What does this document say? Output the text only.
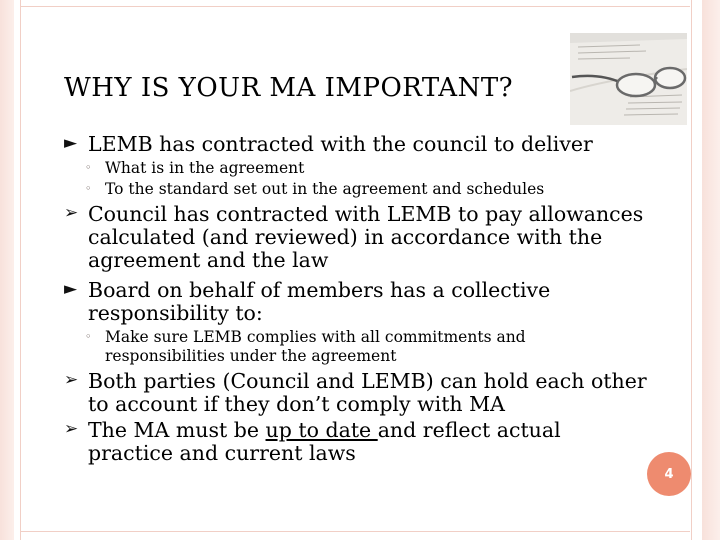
WHY IS YOUR MA IMPORTANT?
► LEMB has contracted with the council to deliver
◦ What is in the agreement
◦ To the standard set out in the agreement and schedules
➢ Council has contracted with LEMB to pay allowances calculated (and reviewed) in accordance with the agreement and the law
► Board on behalf of members has a collective responsibility to:
◦ Make sure LEMB complies with all commitments and responsibilities under the agreement
➢ Both parties (Council and LEMB) can hold each other to account if they don’t comply with MA
➢ The MA must be up to date and reflect actual practice and current laws
4
